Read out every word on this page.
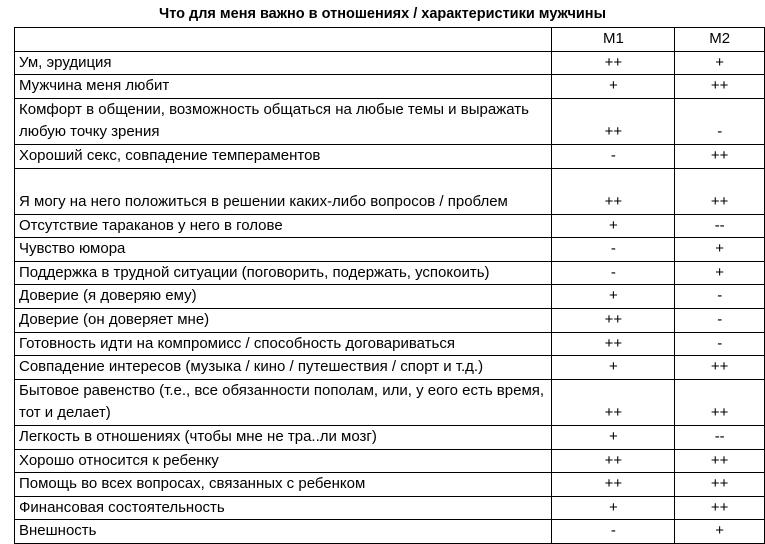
Что для меня важно в отношениях / характеристики мужчины
	M1	M2
Ум, эрудиция	++	+
Мужчина меня любит	+	++
Комфорт в общении, возможность общаться на любые темы и выражать любую точку зрения	++	-
Хороший секс, совпадение темпераментов	-	++
Я могу на него положиться в решении каких-либо вопросов / проблем	++	++
Отсутствие тараканов у него в голове	+	--
Чувство юмора	-	+
Поддержка в трудной ситуации (поговорить, подержать, успокоить)	-	+
Доверие (я доверяю ему)	+	-
Доверие (он доверяет мне)	++	-
Готовность идти на компромисс / способность договариваться	++	-
Совпадение интересов (музыка / кино / путешествия / спорт и т.д.)	+	++
Бытовое равенство (т.е., все обязанности пополам, или, у еого есть время, тот и делает)	++	++
Легкость в отношениях (чтобы мне не тра..ли мозг)	+	--
Хорошо относится к ребенку	++	++
Помощь во всех вопросах, связанных с ребенком	++	++
Финансовая состоятельность	+	++
Внешность	-	+
